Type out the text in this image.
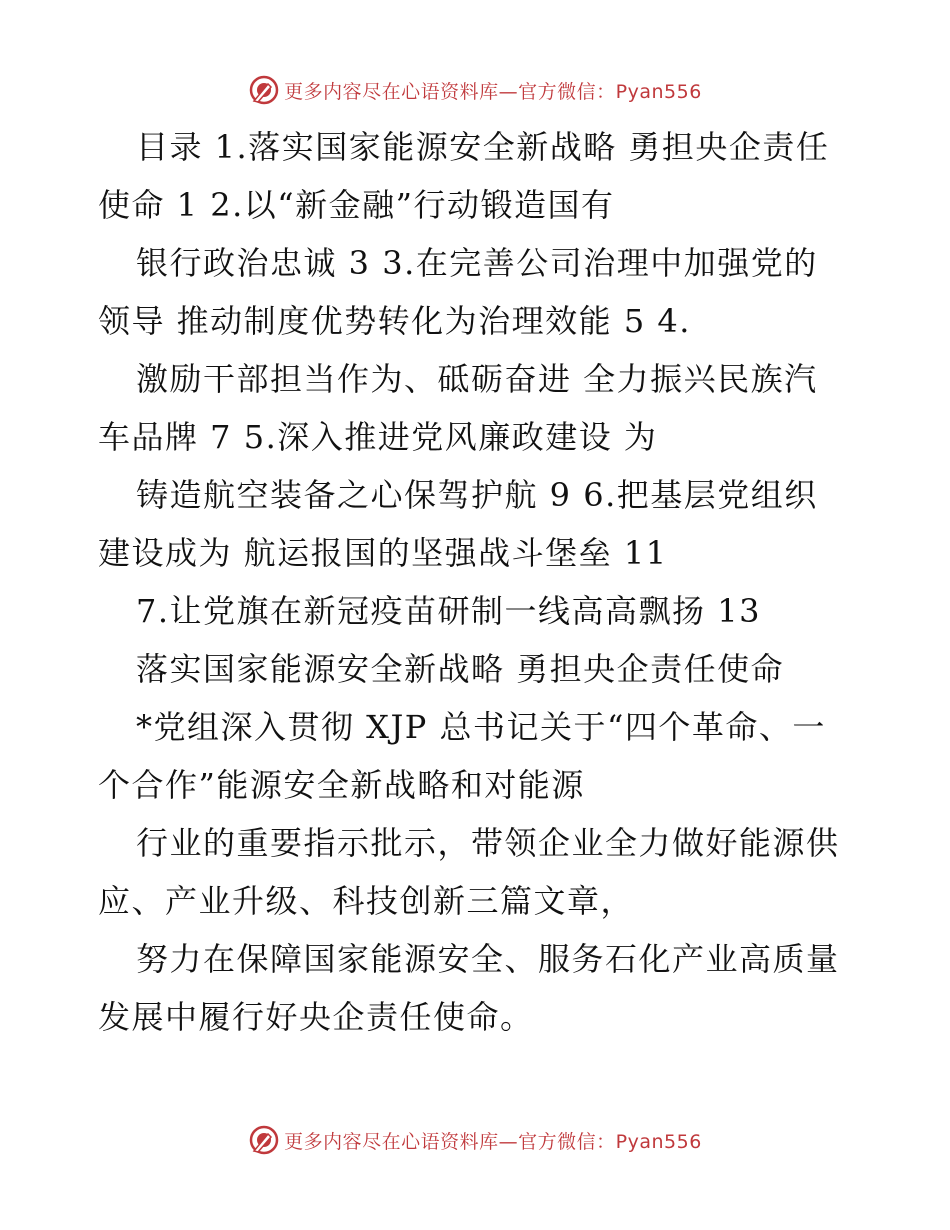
更多内容尽在心语资料库—官方微信：Pyan556

目录 1.落实国家能源安全新战略 勇担央企责任
使命 1 2.以“新金融”行动锻造国有

银行政治忠诚 3 3.在完善公司治理中加强党的
领导 推动制度优势转化为治理效能 5 4.

激励干部担当作为、砥砺奋进 全力振兴民族汽
车品牌 7 5.深入推进党风廉政建设 为

铸造航空装备之心保驾护航 9 6.把基层党组织
建设成为 航运报国的坚强战斗堡垒 11

7.让党旗在新冠疫苗研制一线高高飘扬 13

落实国家能源安全新战略 勇担央企责任使命

*党组深入贯彻 XJP 总书记关于“四个革命、一
个合作”能源安全新战略和对能源

行业的重要指示批示，带领企业全力做好能源供
应、产业升级、科技创新三篇文章，

努力在保障国家能源安全、服务石化产业高质量
发展中履行好央企责任使命。

更多内容尽在心语资料库—官方微信：Pyan556
